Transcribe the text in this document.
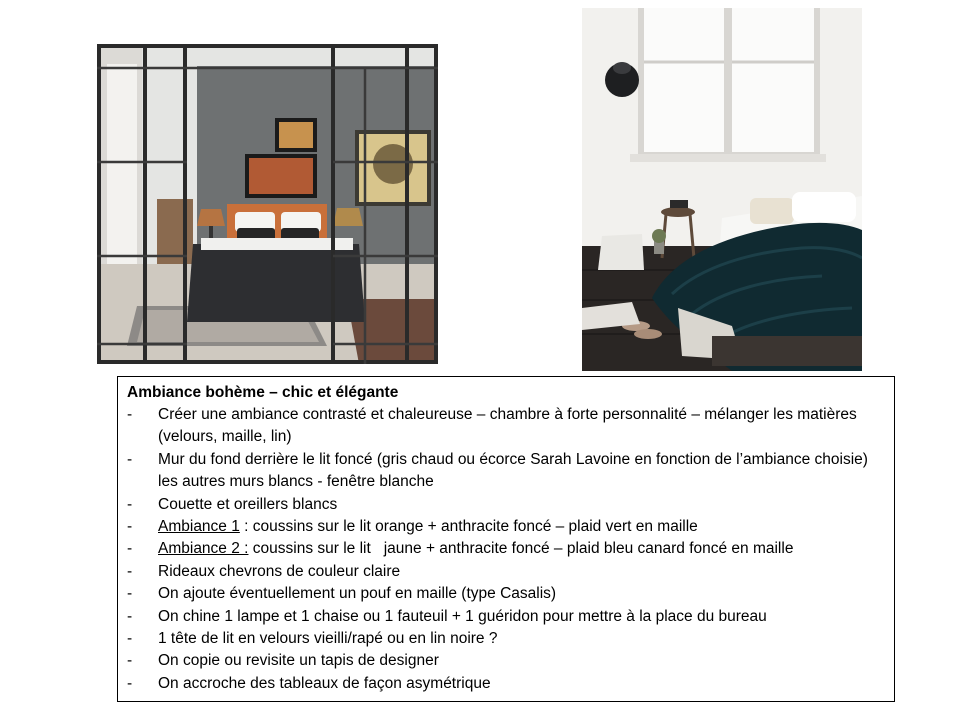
Ambiance bohème – chic et élégante

- Créer une ambiance contrasté et chaleureuse – chambre à forte personnalité – mélanger les matières (velours, maille, lin)
- Mur du fond derrière le lit foncé (gris chaud ou écorce Sarah Lavoine en fonction de l’ambiance choisie) les autres murs blancs - fenêtre blanche
- Couette et oreillers blancs
- Ambiance 1 : coussins sur le lit orange + anthracite foncé – plaid vert en maille
- Ambiance 2 : coussins sur le lit   jaune + anthracite foncé – plaid bleu canard foncé en maille
- Rideaux chevrons de couleur claire
- On ajoute éventuellement un pouf en maille (type Casalis)
- On chine 1 lampe et 1 chaise ou 1 fauteuil + 1 guéridon pour mettre à la place du bureau
- 1 tête de lit en velours vieilli/rapé ou en lin noire ?
- On copie ou revisite un tapis de designer
- On accroche des tableaux de façon asymétrique
